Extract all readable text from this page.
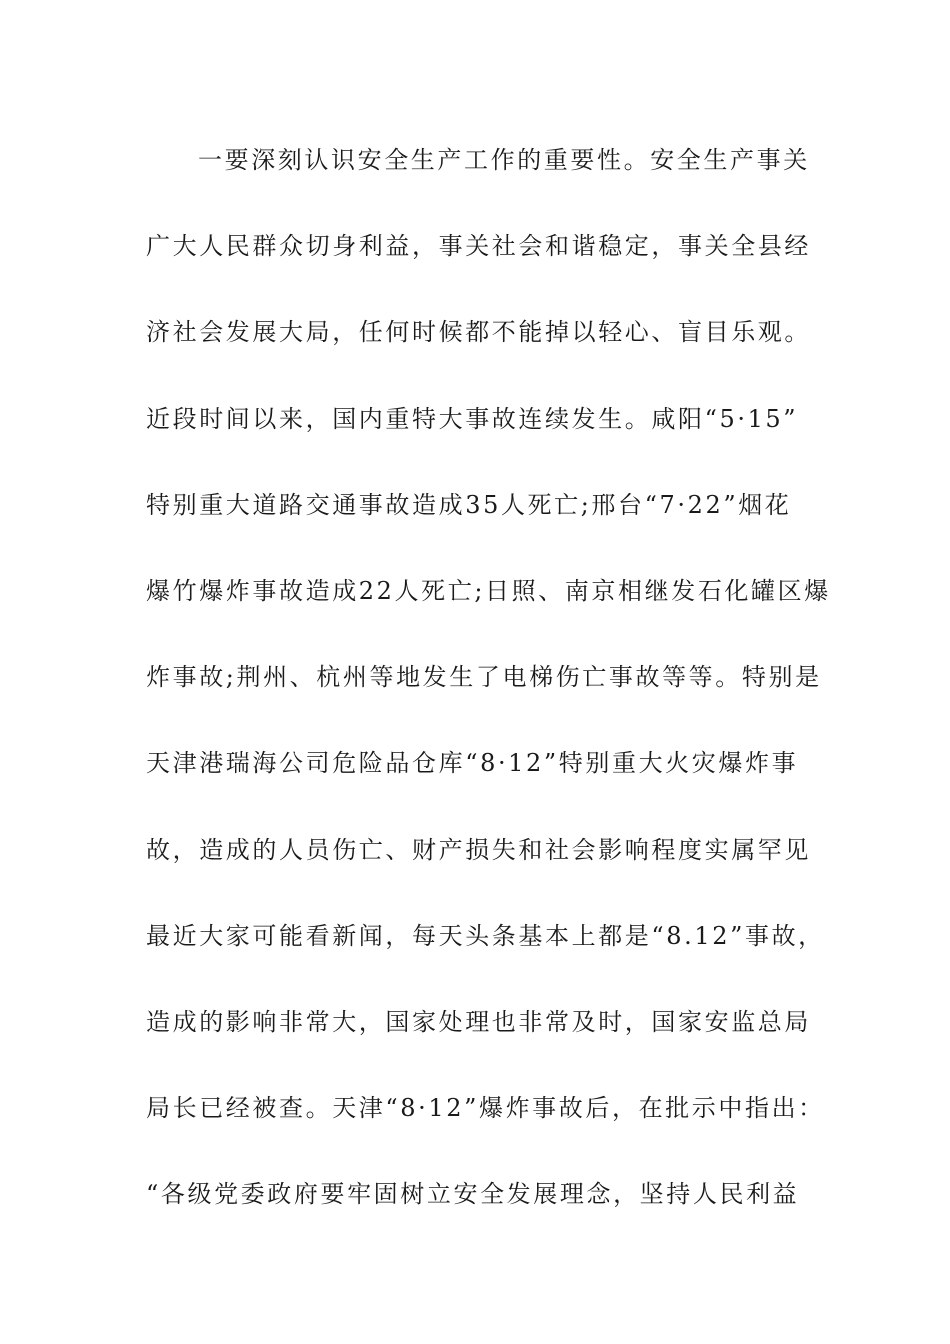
一要深刻认识安全生产工作的重要性。安全生产事关
广大人民群众切身利益，事关社会和谐稳定，事关全县经
济社会发展大局，任何时候都不能掉以轻心、盲目乐观。
近段时间以来，国内重特大事故连续发生。咸阳“5·15”
特别重大道路交通事故造成35人死亡;邢台“7·22”烟花
爆竹爆炸事故造成22人死亡;日照、南京相继发石化罐区爆
炸事故;荆州、杭州等地发生了电梯伤亡事故等等。特别是
天津港瑞海公司危险品仓库“8·12”特别重大火灾爆炸事
故，造成的人员伤亡、财产损失和社会影响程度实属罕见
最近大家可能看新闻，每天头条基本上都是“8.12”事故，
造成的影响非常大，国家处理也非常及时，国家安监总局
局长已经被查。天津“8·12”爆炸事故后，在批示中指出：
“各级党委政府要牢固树立安全发展理念，坚持人民利益
